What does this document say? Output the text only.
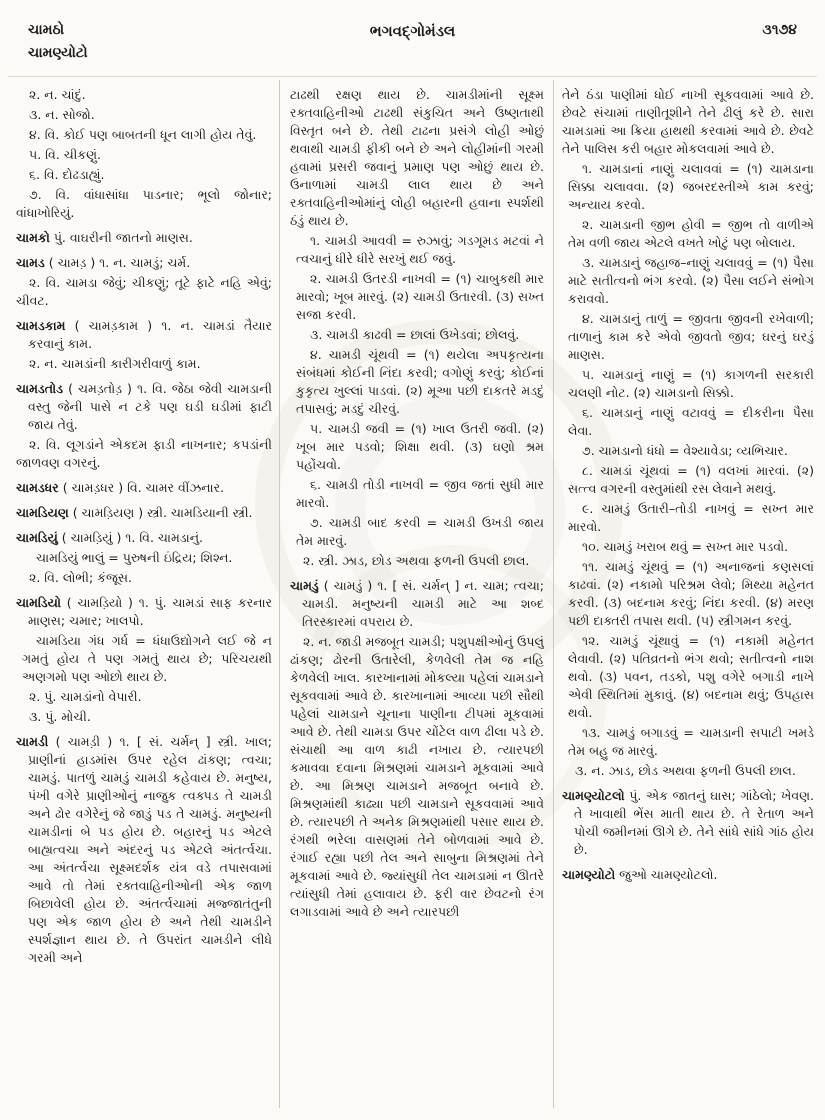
ચામઠો	ભગવદ્ગોમંડલ	૩૧૭૪
ચામણ્યોટો
૨. ન. ચાંદું.
૩. ન. સોજો.
૪. વિ. કોઈ પણ બાબતની ધૂન લાગી હોય તેવું.
૫. વિ. ચીકણું.
૬. વિ. દોઢડાહ્યું.
૭. વિ. વાંધાસાંધા પાડનાર; ભૂલો જોનાર; વાંધાખોરિયું.
ચામકો પું. વાઘરીની જાતનો માણસ.
ચામડ ( ચામડ઼ ) ૧. ન. ચામડું; ચર્મ.
૨. વિ. ચામડા જેવું; ચીકણું; તૂટે ફાટે નહિ એવું; ચીવટ.
ચામડકામ ( ચામડ઼કામ ) ૧. ન. ચામડાં તૈયાર કરવાનું કામ.
૨. ન. ચામડાંની કારીગરીવાળું કામ.
ચામડતોડ ( ચમડ઼તોડ઼ ) ૧. વિ. જેઠા જેવી ચામડાની વસ્તુ જેની પાસે ન ટકે પણ ઘડી ઘડીમાં ફાટી જાય તેવું.
૨. વિ. લૂગડાંને એકદમ ફાડી નાખનાર; કપડાંની જાળવણ વગરનું.
ચામડધર ( ચામડ઼ધર ) વિ. ચામર વીંઝનાર.
ચામડિયણ ( ચામડ઼િયણ ) સ્ત્રી. ચામડિયાની સ્ત્રી.
ચામડિયું ( ચામડ઼િયું ) ૧. વિ. ચામડાનું.
ચામડિયું ભાલું = પુરુષની ઇંદ્રિય; શિશ્ન.
૨. વિ. લોભી; કંજૂસ.
ચામડિયો ( ચામડ઼િયો ) ૧. પું. ચામડાં સાફ કરનાર માણસ; ચમાર; ખાલપો.
ચામડિયા ગંધ ગર્ધ = ધંધાઉદ્યોગને લઈ જે ન ગમતું હોય તે પણ ગમતું થાય છે; પરિચયથી અણગમો પણ ઓછો થાય છે.
૨. પું. ચામડાંનો વેપારી.
૩. પું. મોચી.
ચામડી ( ચામડ઼ી ) ૧. [ સં. ચર્મન્ ] સ્ત્રી. ખાલ; પ્રાણીનાં હાડમાંસ ઉપર રહેલ ઢાંકણ; ત્વચા; ચામડું. પાતળું ચામડું ચામડી કહેવાય છે. મનુષ્ય, પંખી વગેરે પ્રાણીઓનું નાજુક ત્વક્પડ તે ચામડી અને ઢોર વગેરેનું જે જાડું પડ તે ચામડું. મનુષ્યની ચામડીનાં બે પડ હોય છે. બહારનું પડ એટલે બાહ્યત્વચા અને અંદરનું પડ એટલે અંતર્ત્વચા. આ અંતર્ત્વચા સૂક્ષ્મદર્શક યંત્ર વડે તપાસવામાં આવે તો તેમાં રક્તવાહિનીઓની એક જાળ બિછાવેલી હોય છે. અંતર્ત્વચામાં મજ્જાતંતુની પણ એક જાળ હોય છે અને તેથી ચામડીને સ્પર્શજ્ઞાન થાય છે. તે ઉપરાંત ચામડીને લીધે ગરમી અને
ટાઢથી રક્ષણ થાય છે. ચામડીમાંની સૂક્ષ્મ રક્તવાહિનીઓ ટાઢથી સંકુચિત અને ઉષ્ણતાથી વિસ્તૃત બને છે. તેથી ટાઢના પ્રસંગે લોહી ઓછું થવાથી ચામડી ફીકી બને છે અને લોહીમાંની ગરમી હવામાં પ્રસરી જવાનું પ્રમાણ પણ ઓછું થાય છે. ઉનાળામાં ચામડી લાલ થાય છે અને રક્તવાહિનીઓમાંનું લોહી બહારની હવાના સ્પર્શથી ઠંડું થાય છે.
૧. ચામડી આવવી = રુઝાવું; ગડગૂમડ મટવાં ને ત્વચાનું ધીરે ધીરે સરખું થઈ જવું.
૨. ચામડી ઉતરડી નાખવી = (૧) ચાબુકથી માર મારવો; ખૂબ મારવું. (૨) ચામડી ઉતારવી. (૩) સખ્ત સજા કરવી.
૩. ચામડી કાઢવી = છાલાં ઉખેડવાં; છોલવું.
૪. ચામડી ચૂંથવી = (૧) થયેલા અપકૃત્યના સંબંધમાં કોઈની નિંદા કરવી; વગોણું કરવું; કોઈનાં કુકૃત્ય ખુલ્લાં પાડવાં. (૨) મૂઆ પછી દાકતરે મડદું તપાસવું; મડદું ચીરવું.
૫. ચામડી જવી = (૧) ખાલ ઉતરી જવી. (૨) ખૂબ માર પડવો; શિક્ષા થવી. (૩) ઘણો શ્રમ પહોંચવો.
૬. ચામડી તોડી નાખવી = જીવ જતાં સુધી માર મારવો.
૭. ચામડી બાદ કરવી = ચામડી ઉખડી જાય તેમ મારવું.
૨. સ્ત્રી. ઝાડ, છોડ અથવા ફળની ઉપલી છાલ.
ચામડું ( ચામડું ) ૧. [ સં. ચર્મન્ ] ન. ચામ; ત્વચા; ચામડી. મનુષ્યની ચામડી માટે આ શબ્દ તિરસ્કારમાં વપરાય છે.
૨. ન. જાડી મજબૂત ચામડી; પશુપક્ષીઓનું ઉપલું ઢાંકણ; ઢોરની ઉતારેલી, કેળવેલી તેમ જ નહિ કેળવેલી ખાલ. કારખાનામાં મોકલ્યા પહેલાં ચામડાને સૂકવવામાં આવે છે. કારખાનામાં આવ્યા પછી સૌથી પહેલાં ચામડાને ચૂનાના પાણીના ટીપમાં મૂકવામાં આવે છે. તેથી ચામડા ઉપર ચોંટેલ વાળ ઢીલા પડે છે. સંચાથી આ વાળ કાઢી નખાય છે. ત્યારપછી કમાવવા દવાના મિશ્રણમાં ચામડાને મૂકવામાં આવે છે. આ મિશ્રણ ચામડાને મજબૂત બનાવે છે. મિશ્રણમાંથી કાઢ્યા પછી ચામડાને સૂકવવામાં આવે છે. ત્યારપછી તે અનેક મિશ્રણમાંથી પસાર થાય છે. રંગથી ભરેલા વાસણમાં તેને બોળવામાં આવે છે. રંગાઈ રહ્યા પછી તેલ અને સાબુના મિશ્રણમાં તેને મૂકવામાં આવે છે. જ્યાંસુધી તેલ ચામડામાં ન ઊતરે ત્યાંસુધી તેમાં હલાવાય છે. ફરી વાર છેવટનો રંગ લગાડવામાં આવે છે અને ત્યારપછી
તેને ઠંડા પાણીમાં ધોઈ નાખી સૂકવવામાં આવે છે. છેવટે સંચામાં તાણીતૂશીને તેને ઢીલું કરે છે. સારા ચામડામાં આ ક્રિયા હાથથી કરવામાં આવે છે. છેવટે તેને પાલિસ કરી બહાર મોકલવામાં આવે છે.
૧. ચામડાનાં નાણું ચલાવવાં = (૧) ચામડાના સિક્કા ચલાવવા. (૨) જબરદસ્તીએ કામ કરવું; અન્યાય કરવો.
૨. ચામડાની જીભ હોવી = જીભ તો વાળીએ તેમ વળી જાય એટલે વખતે ખોટું પણ બોલાય.
૩. ચામડાનું જહાજ–નાણું ચલાવવું = (૧) પૈસા માટે સતીત્વનો ભંગ કરવો. (૨) પૈસા લઈને સંભોગ કરાવવો.
૪. ચામડાનું તાળું = જીવતા જીવની રખેવાળી; તાળાનું કામ કરે એવો જીવતો જીવ; ઘરનું ઘરડું માણસ.
૫. ચામડાનું નાણું = (૧) કાગળની સરકારી ચલણી નોટ. (૨) ચામડાનો સિક્કો.
૬. ચામડાનું નાણું વટાવવું = દીકરીના પૈસા લેવા.
૭. ચામડાનો ધંધો = વેશ્યાવેડા; વ્યભિચાર.
૮. ચામડાં ચૂંથવાં = (૧) વલખાં મારવાં. (૨) સત્ત્વ વગરની વસ્તુમાંથી રસ લેવાને મથવું.
૯. ચામડું ઉતારી–તોડી નાખવું = સખ્ત માર મારવો.
૧૦. ચામડું ખરાબ થવું = સખ્ત માર પડવો.
૧૧. ચામડું ચૂંથવું = (૧) અનાજનાં કણસલાં કાઢવાં. (૨) નકામો પરિશ્રમ લેવો; મિથ્યા મહેનત કરવી. (૩) બદનામ કરવું; નિંદા કરવી. (૪) મરણ પછી દાક્તરી તપાસ થવી. (૫) સ્ત્રીગમન કરવું.
૧૨. ચામડું ચૂંથાવું = (૧) નકામી મહેનત લેવાવી. (૨) પતિવ્રતનો ભંગ થવો; સતીત્વનો નાશ થવો. (૩) પવન, તડકો, પશુ વગેરે બગાડી નાખે એવી સ્થિતિમાં મુકાવું. (૪) બદનામ થવું; ઉપહાસ થવો.
૧૩. ચામડું બગાડવું = ચામડાની સપાટી ખમડે તેમ બહુ જ મારવું.
૩. ન. ઝાડ, છોડ અથવા ફળની ઉપલી છાલ.
ચામણ્યોટલો પું. એક જાતનું ઘાસ; ગાંઠેલો; ખેવણ. તે ખાવાથી ભેંસ માતી થાય છે. તે રેતાળ અને પોચી જમીનમાં ઊગે છે. તેને સાંધે સાંધે ગાંઠ હોય છે.
ચામણ્યોટો જુઓ ચામણ્યોટલો.
